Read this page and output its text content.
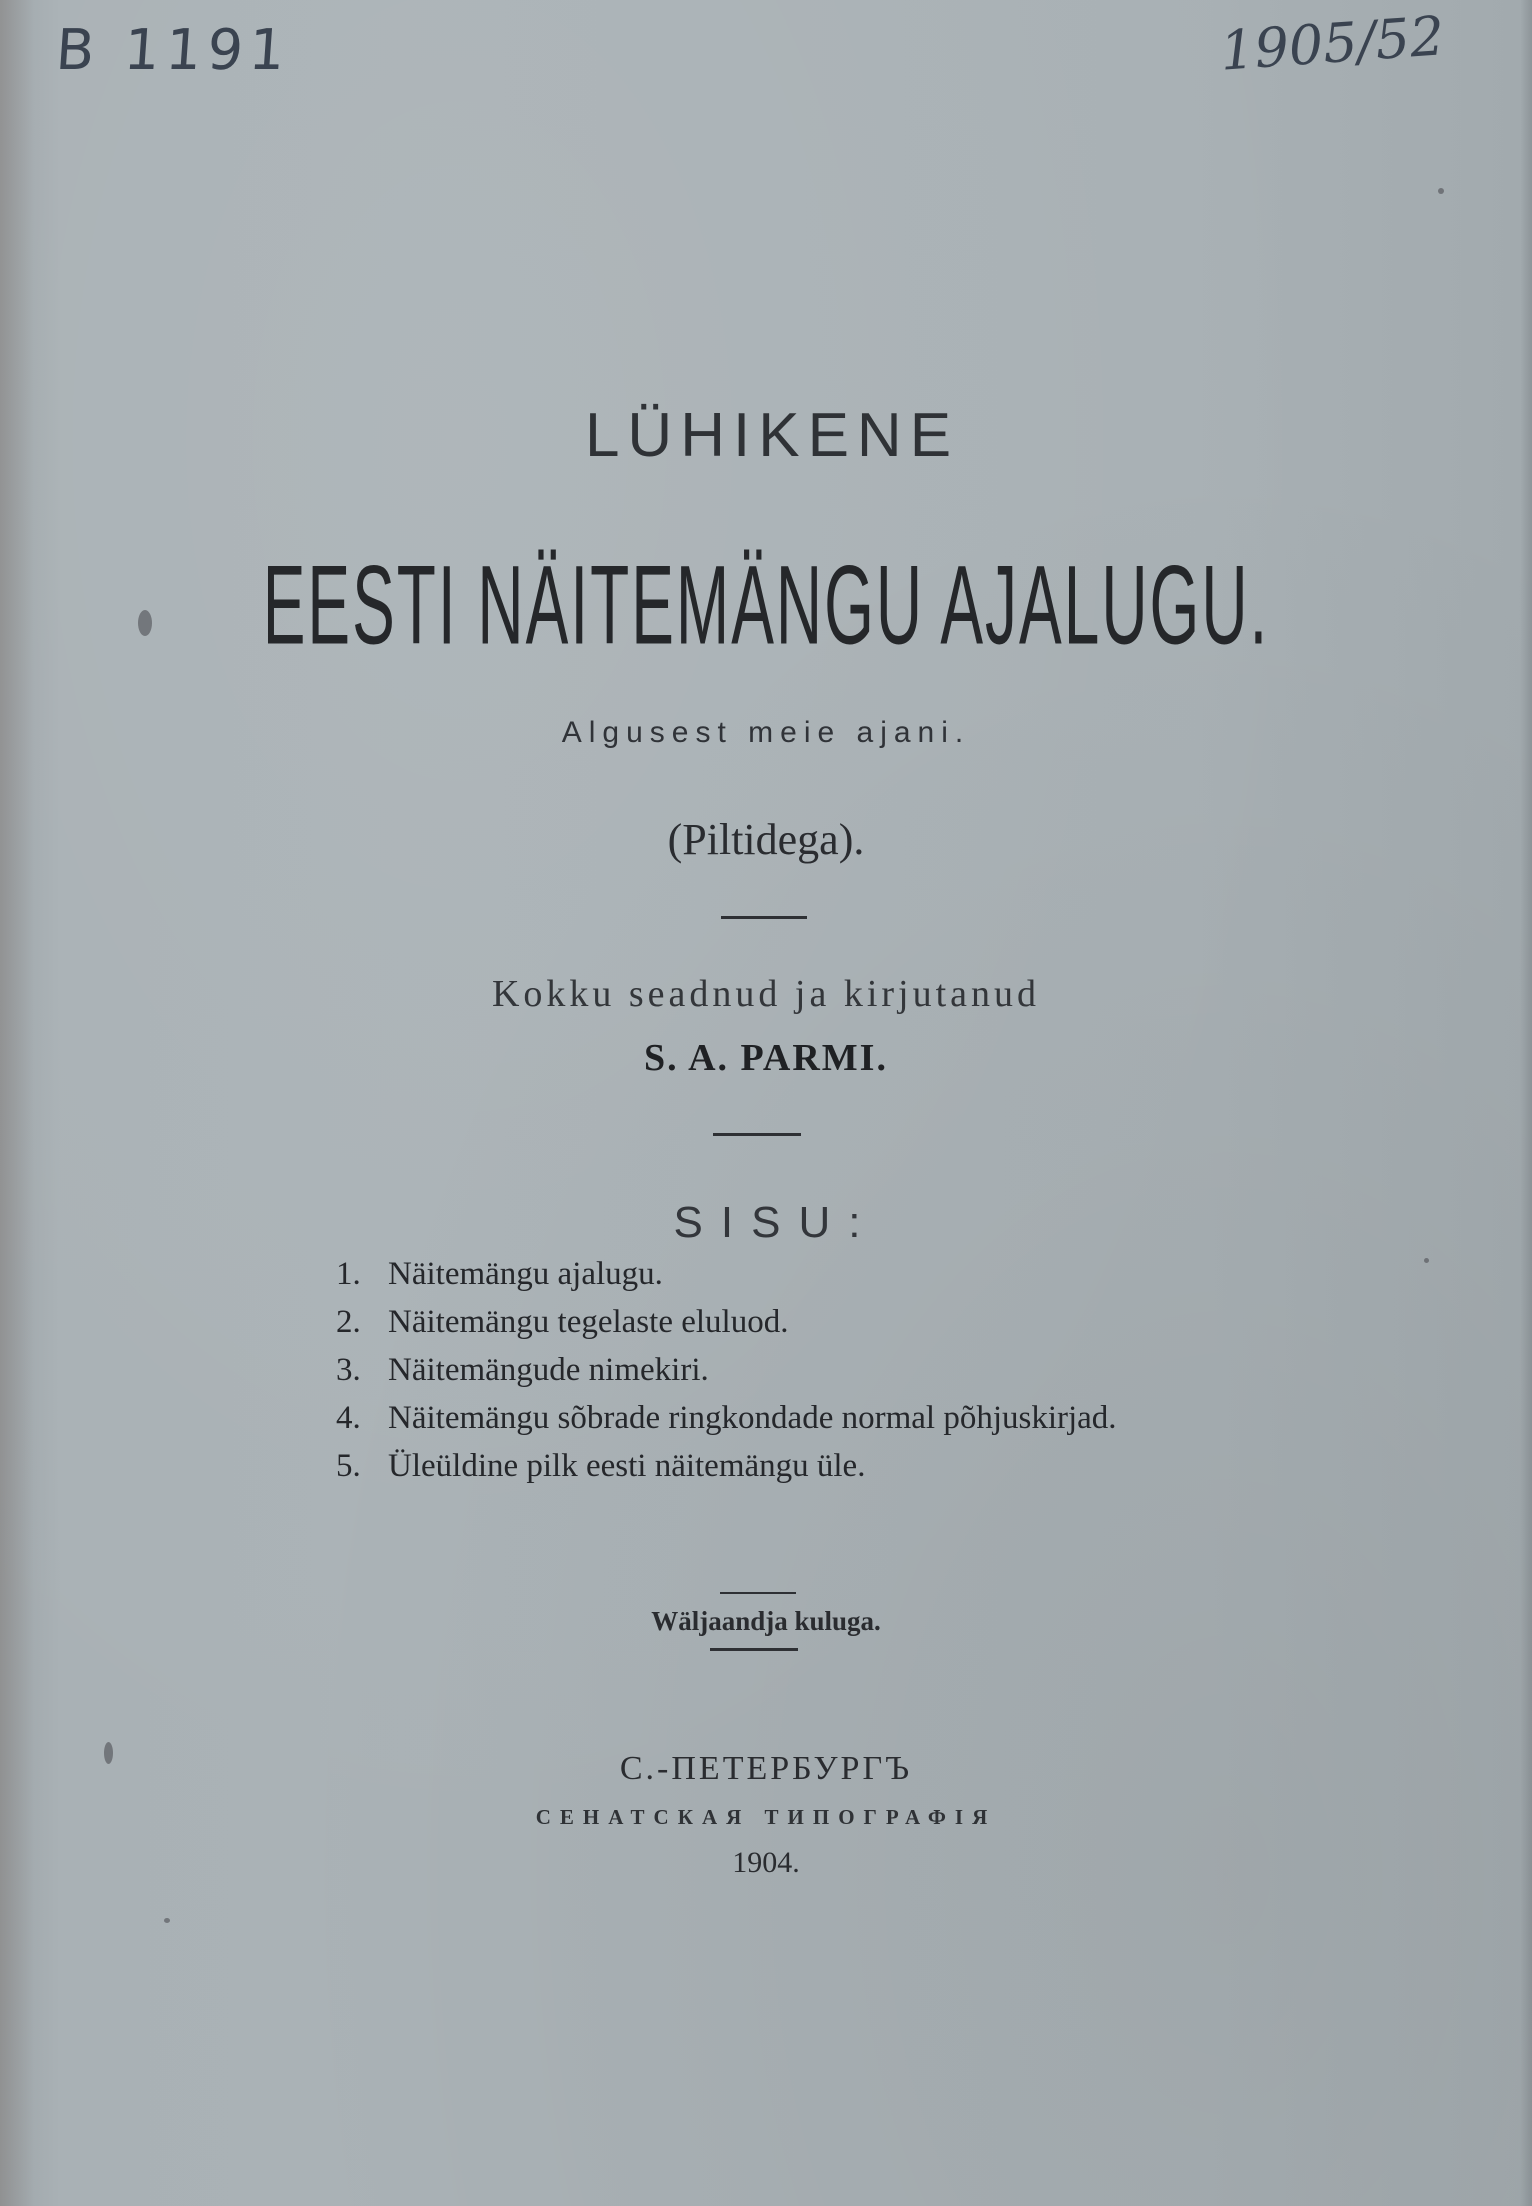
B 1191	1905/52
LÜHIKENE
EESTI NÄITEMÄNGU AJALUGU.
Algusest meie ajani.
(Piltidega).
Kokku seadnud ja kirjutanud
S. A. PARMI.
SISU:
1. Näitemängu ajalugu.
2. Näitemängu tegelaste eluluod.
3. Näitemängude nimekiri.
4. Näitemängu sõbrade ringkondade normal põhjuskirjad.
5. Üleüldine pilk eesti näitemängu üle.
Wäljaandja kuluga.
С.-ПЕТЕРБУРГЪ
СЕНАТСКАЯ ТИПОГРАФІЯ
1904.
